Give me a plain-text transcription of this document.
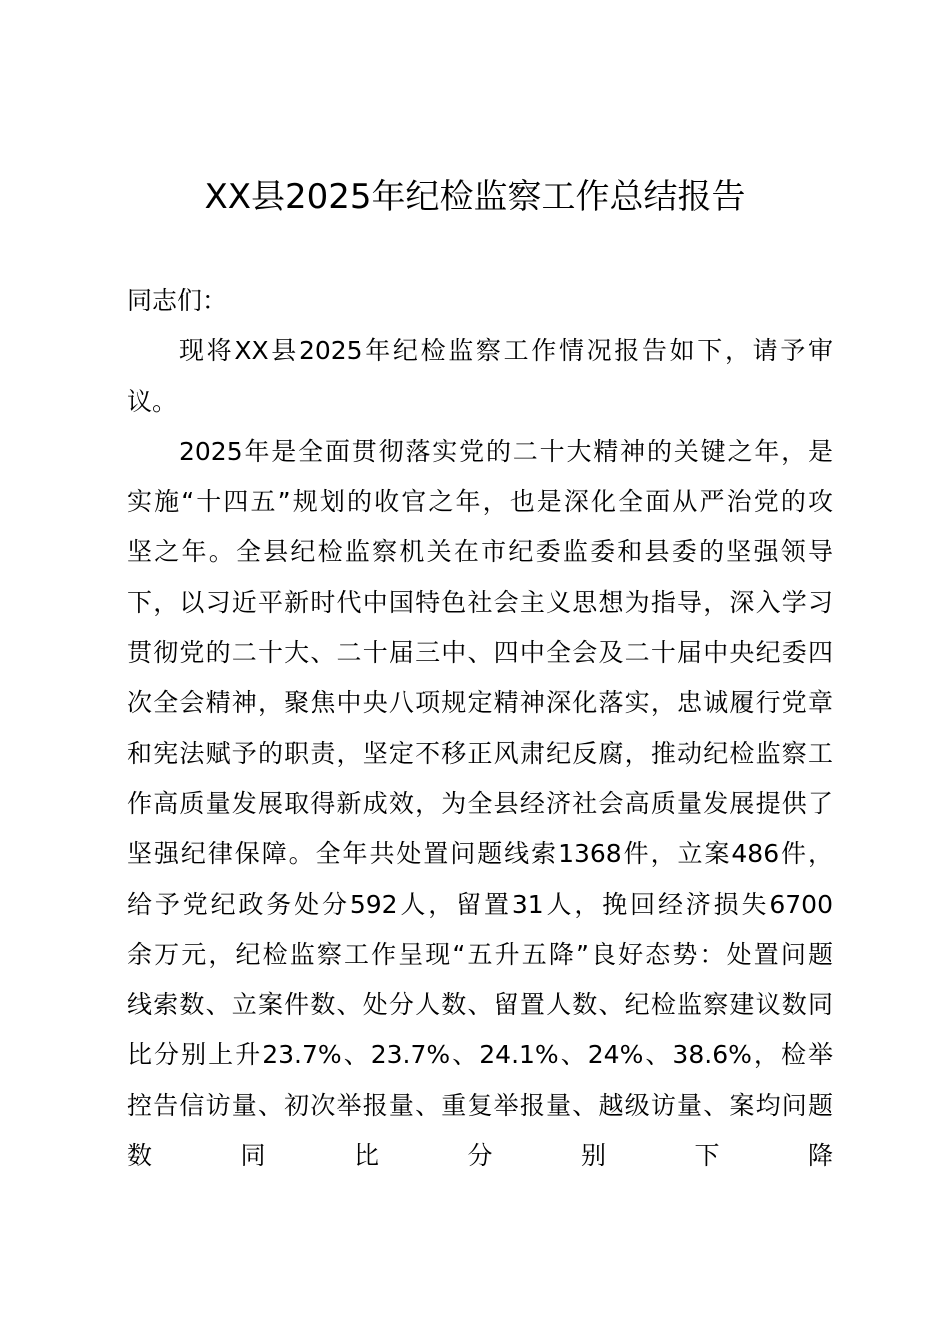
XX县2025年纪检监察工作总结报告
同志们：
现将XX县2025年纪检监察工作情况报告如下，请予审
议。
2025年是全面贯彻落实党的二十大精神的关键之年，是
实施“十四五”规划的收官之年，也是深化全面从严治党的攻
坚之年。全县纪检监察机关在市纪委监委和县委的坚强领导
下，以习近平新时代中国特色社会主义思想为指导，深入学习
贯彻党的二十大、二十届三中、四中全会及二十届中央纪委四
次全会精神，聚焦中央八项规定精神深化落实，忠诚履行党章
和宪法赋予的职责，坚定不移正风肃纪反腐，推动纪检监察工
作高质量发展取得新成效，为全县经济社会高质量发展提供了
坚强纪律保障。全年共处置问题线索1368件，立案486件，
给予党纪政务处分592人，留置31人，挽回经济损失6700
余万元，纪检监察工作呈现“五升五降”良好态势：处置问题
线索数、立案件数、处分人数、留置人数、纪检监察建议数同
比分别上升23.7%、23.7%、24.1%、24%、38.6%，检举
控告信访量、初次举报量、重复举报量、越级访量、案均问题
数同比分别下降
